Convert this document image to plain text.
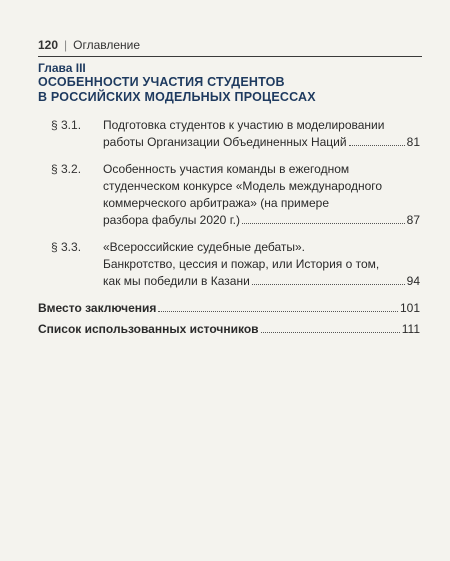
120 | Оглавление
Глава III
ОСОБЕННОСТИ УЧАСТИЯ СТУДЕНТОВ
В РОССИЙСКИХ МОДЕЛЬНЫХ ПРОЦЕССАХ
§ 3.1.	Подготовка студентов к участию в моделировании
работы Организации Объединенных Наций	81
§ 3.2.	Особенность участия команды в ежегодном
студенческом конкурсе «Модель международного
коммерческого арбитража» (на примере
разбора фабулы 2020 г.)	87
§ 3.3.	«Всероссийские судебные дебаты».
Банкротство, цессия и пожар, или История о том,
как мы победили в Казани	94
Вместо заключения	101
Список использованных источников	111
